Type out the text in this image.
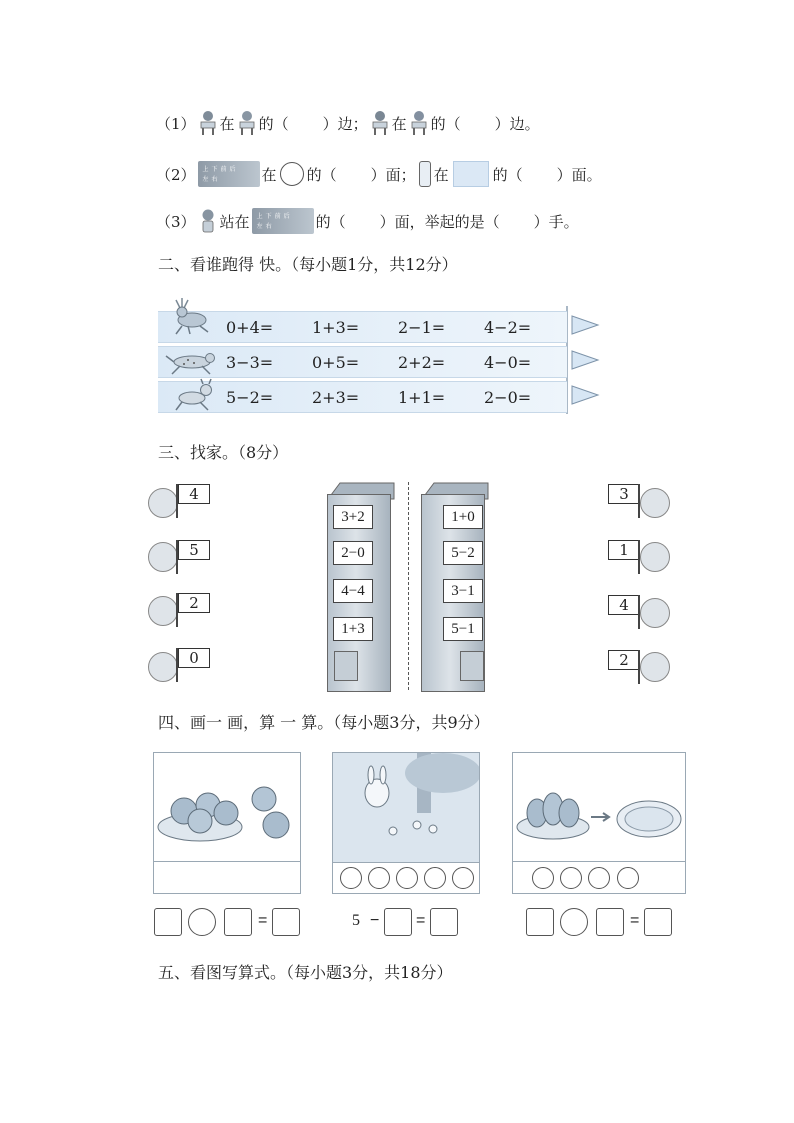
（1） 在 的（ ）边； 在 的（ ）边。
（2） 上 下 前 后
左 右	在 的（ ）面； 在	的（ ）面。
（3） 站在 上 下 前 后
左 右	的（ ）面，举起的是（ ）手。
二、看谁跑得 快。（每小题1分，共12分）
0+4= 1+3= 2−1= 4−2=
3−3= 0+5= 2+2= 4−0=
5−2= 2+3= 1+1= 2−0=
三、找家。（8分）
4
5
2
0
3+2
2−0
4−4
1+3
1+0
5−2
3−1
5−1
3
1
4
2
四、画一 画，算 一 算。（每小题3分，共9分）
=	5 − =	=
五、看图写算式。（每小题3分，共18分）
